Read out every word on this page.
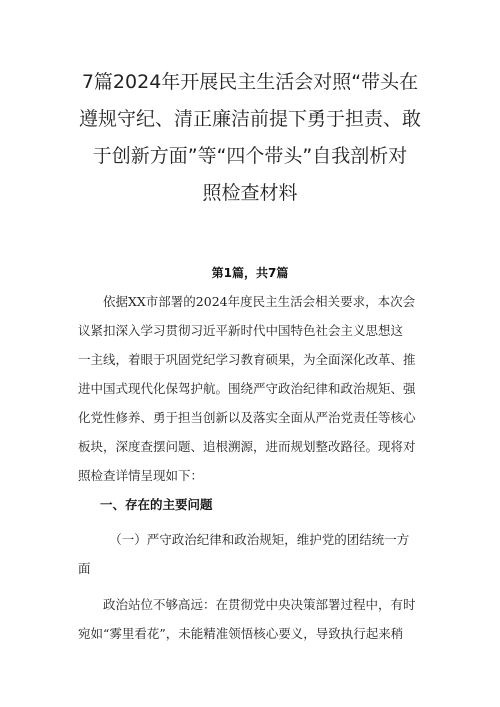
7篇2024年开展民主生活会对照“带头在
遵规守纪、清正廉洁前提下勇于担责、敢
于创新方面”等“四个带头”自我剖析对
照检查材料
第1篇，共7篇
　　依据XX市部署的2024年度民主生活会相关要求，本次会
议紧扣深入学习贯彻习近平新时代中国特色社会主义思想这
一主线，着眼于巩固党纪学习教育硕果，为全面深化改革、推
进中国式现代化保驾护航。围绕严守政治纪律和政治规矩、强
化党性修养、勇于担当创新以及落实全面从严治党责任等核心
板块，深度查摆问题、追根溯源，进而规划整改路径。现将对
照检查详情呈现如下：
一、存在的主要问题
　　　（一）严守政治纪律和政治规矩，维护党的团结统一方
面
　　政治站位不够高远：在贯彻党中央决策部署过程中，有时
宛如“雾里看花”，未能精准领悟核心要义，导致执行起来稍
